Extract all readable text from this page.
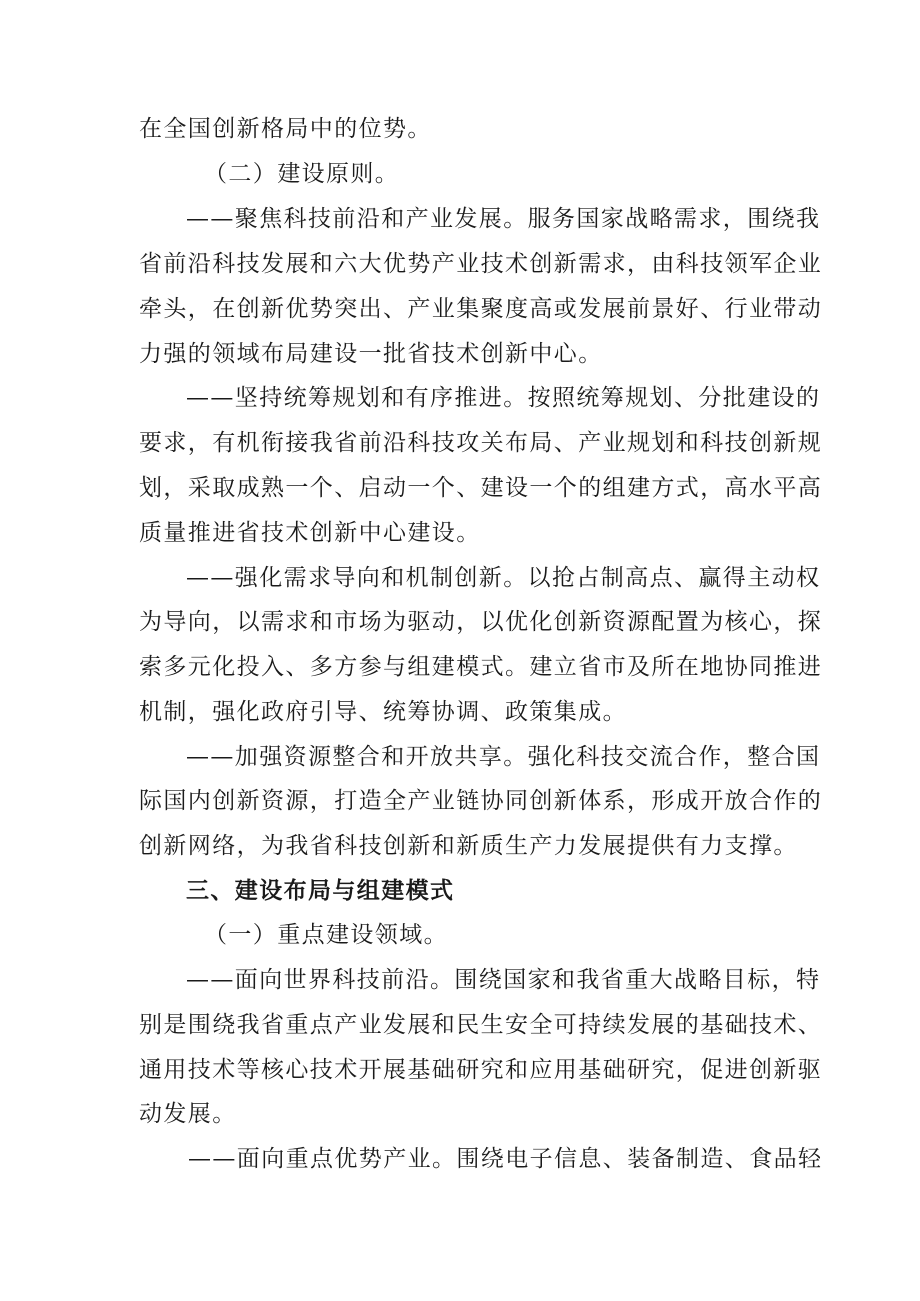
在全国创新格局中的位势。
（二）建设原则。
——聚焦科技前沿和产业发展。服务国家战略需求，围绕我
省前沿科技发展和六大优势产业技术创新需求，由科技领军企业
牵头，在创新优势突出、产业集聚度高或发展前景好、行业带动
力强的领域布局建设一批省技术创新中心。
——坚持统筹规划和有序推进。按照统筹规划、分批建设的
要求，有机衔接我省前沿科技攻关布局、产业规划和科技创新规
划，采取成熟一个、启动一个、建设一个的组建方式，高水平高
质量推进省技术创新中心建设。
——强化需求导向和机制创新。以抢占制高点、赢得主动权
为导向，以需求和市场为驱动，以优化创新资源配置为核心，探
索多元化投入、多方参与组建模式。建立省市及所在地协同推进
机制，强化政府引导、统筹协调、政策集成。
——加强资源整合和开放共享。强化科技交流合作，整合国
际国内创新资源，打造全产业链协同创新体系，形成开放合作的
创新网络，为我省科技创新和新质生产力发展提供有力支撑。
三、建设布局与组建模式
（一）重点建设领域。
——面向世界科技前沿。围绕国家和我省重大战略目标，特
别是围绕我省重点产业发展和民生安全可持续发展的基础技术、
通用技术等核心技术开展基础研究和应用基础研究，促进创新驱
动发展。
——面向重点优势产业。围绕电子信息、装备制造、食品轻
